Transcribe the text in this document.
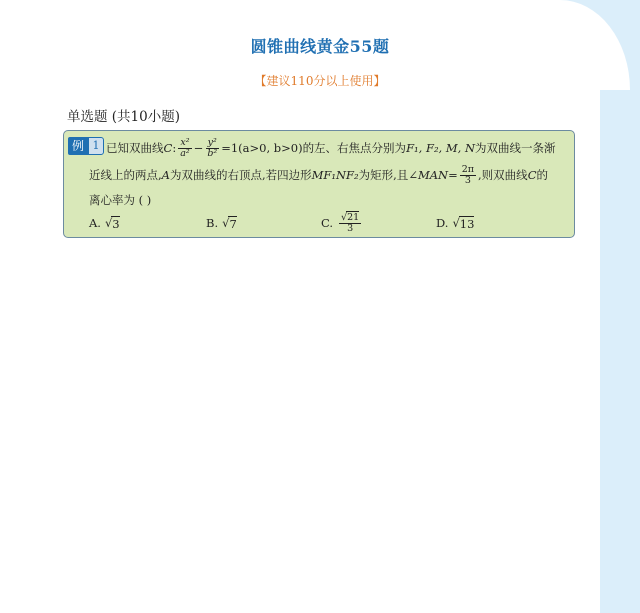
圆锥曲线黄金55题
【建议110分以上使用】
单选题 (共10小题)
例 1 已知双曲线 C : $\frac{\text{x²}}{\text{a²}} - \frac{\text{y²}}{\text{b²}} =1(a>0$, b>0) 的左、右焦点分别为 F₁, F₂, M, N 为双曲线一条渐
近线上的两点, A 为双曲线的右顶点,若四边形 MF₁NF₂ 为矩形,且 ∠MAN= $\frac{2\pi}{3}$ ,则双曲线 C 的
离心率为 ( )
A. √ 3	B. √ 7	C. $\frac{√21}{3}$	D. √ 13
